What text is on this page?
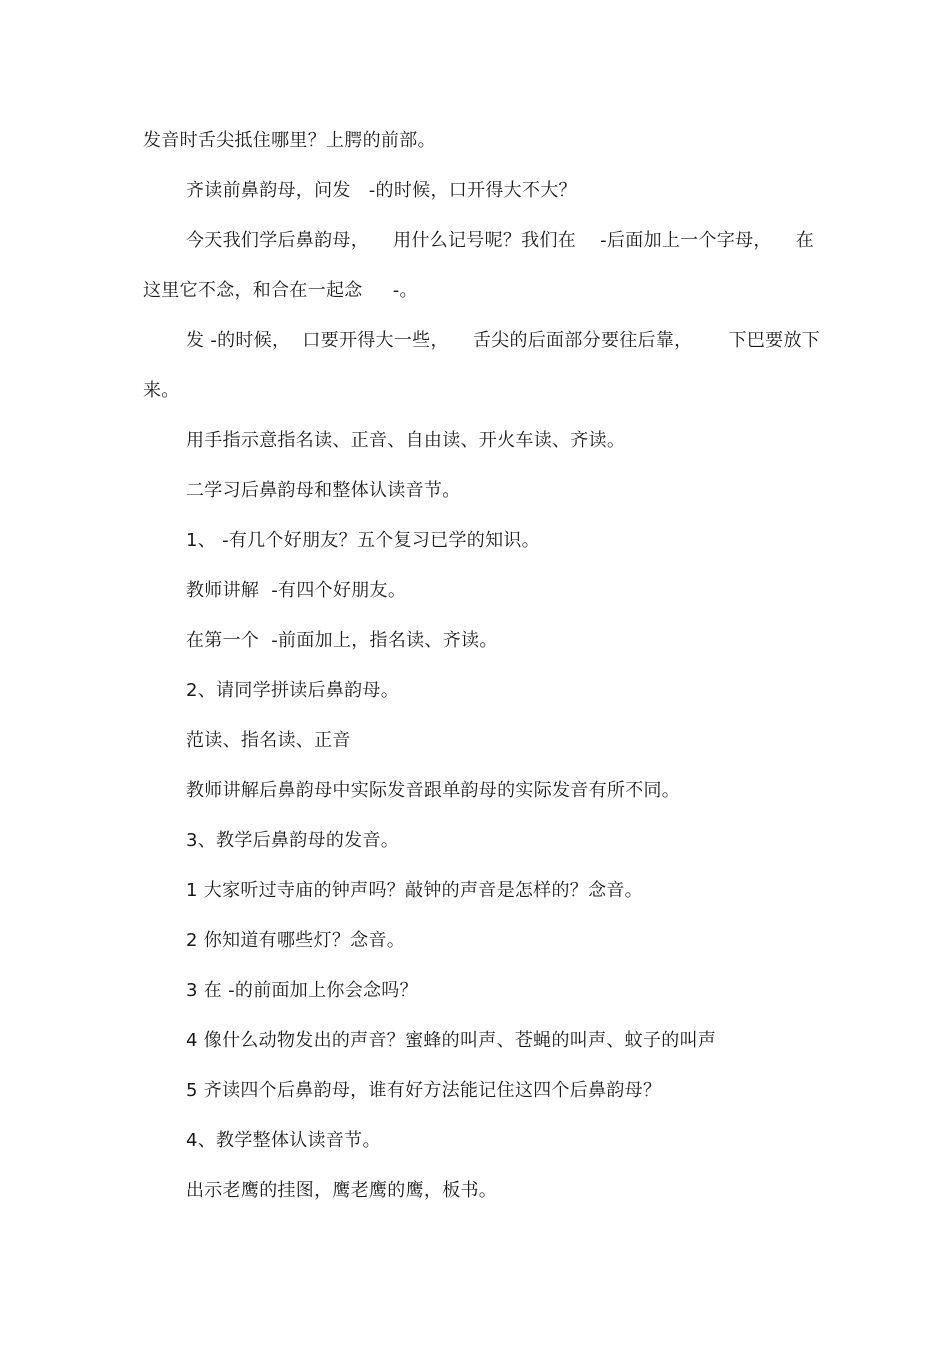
发音时舌尖抵住哪里？上腭的前部。
齐读前鼻韵母，问发   -的时候，口开得大不大？
今天我们学后鼻韵母，    用什么记号呢？我们在    -后面加上一个字母，    在
这里它不念，和合在一起念     -。
发 -的时候，  口要开得大一些，    舌尖的后面部分要往后靠，      下巴要放下
来。
用手指示意指名读、正音、自由读、开火车读、齐读。
二学习后鼻韵母和整体认读音节。
1、 -有几个好朋友？五个复习已学的知识。
教师讲解  -有四个好朋友。
在第一个  -前面加上，指名读、齐读。
2、请同学拼读后鼻韵母。
范读、指名读、正音
教师讲解后鼻韵母中实际发音跟单韵母的实际发音有所不同。
3、教学后鼻韵母的发音。
1 大家听过寺庙的钟声吗？敲钟的声音是怎样的？念音。
2 你知道有哪些灯？念音。
3 在 -的前面加上你会念吗？
4 像什么动物发出的声音？蜜蜂的叫声、苍蝇的叫声、蚊子的叫声
5 齐读四个后鼻韵母，谁有好方法能记住这四个后鼻韵母？
4、教学整体认读音节。
出示老鹰的挂图，鹰老鹰的鹰，板书。
